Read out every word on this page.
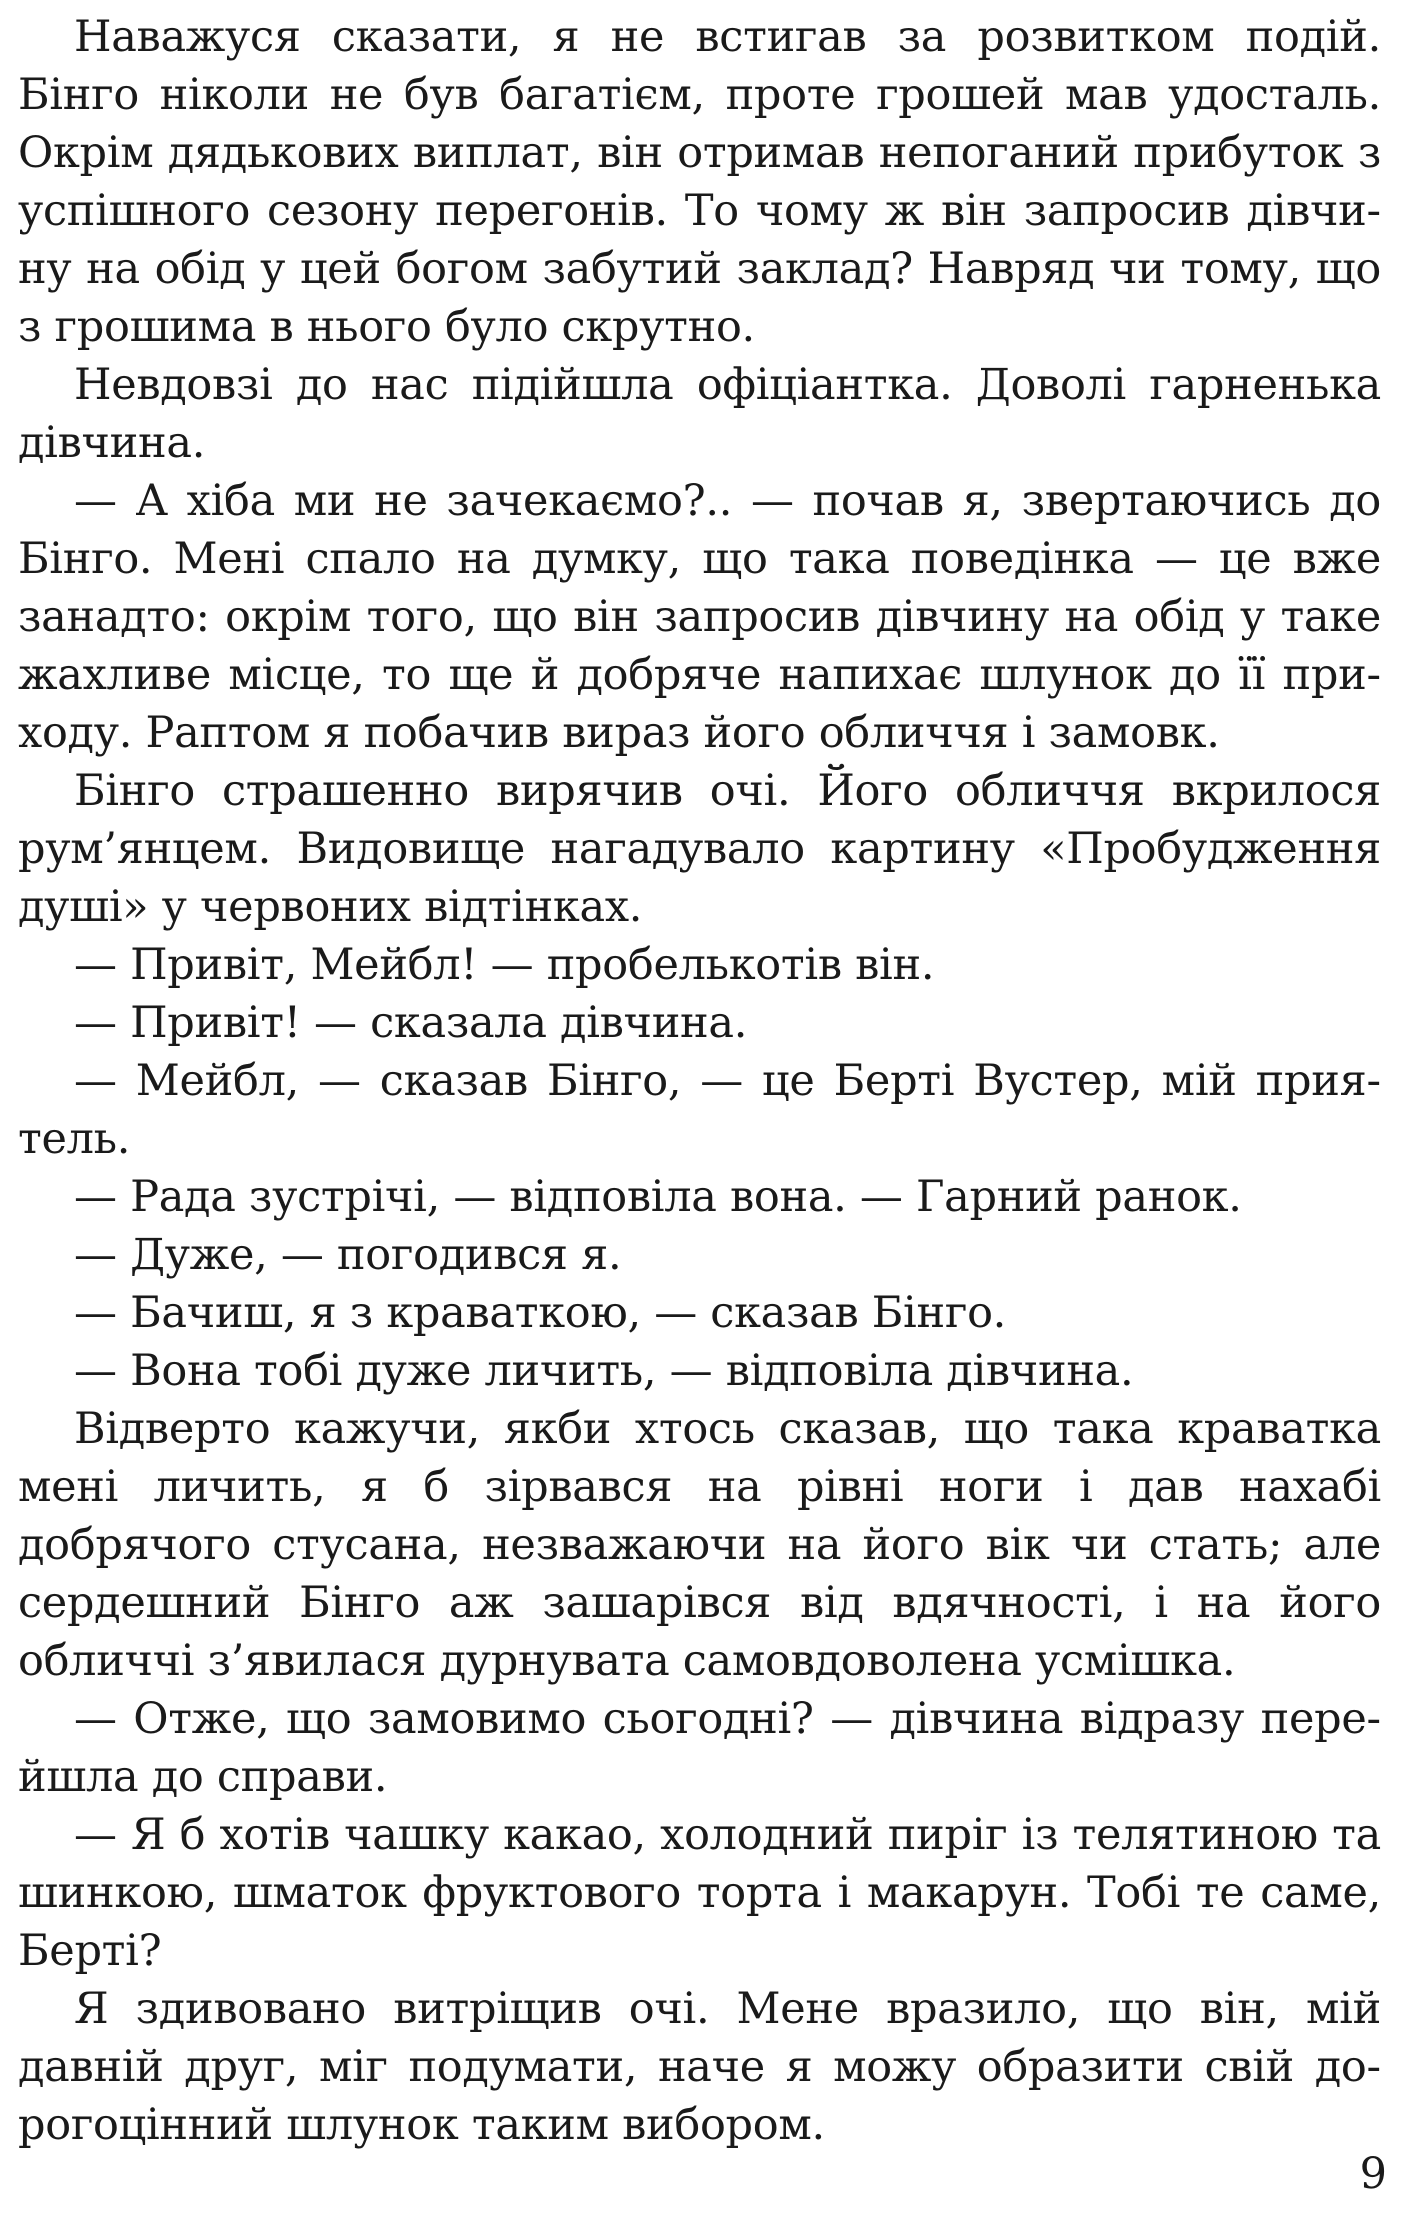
Наважуся сказати, я не встигав за розвитком подій. Бінго ніколи не був багатієм, проте грошей мав удосталь. Окрім дядькових виплат, він отримав непоганий прибуток з успішного сезону перегонів. То чому ж він запросив дівчину на обід у цей богом забутий заклад? Навряд чи тому, що з грошима в нього було скрутно.

Невдовзі до нас підійшла офіціантка. Доволі гарненька дівчина.

— А хіба ми не зачекаємо?.. — почав я, звертаючись до Бінго. Мені спало на думку, що така поведінка — це вже занадто: окрім того, що він запросив дівчину на обід у таке жахливе місце, то ще й добряче напихає шлунок до її приходу. Раптом я побачив вираз його обличчя і замовк.

Бінго страшенно вирячив очі. Його обличчя вкрилося рум’янцем. Видовище нагадувало картину «Пробудження душі» у червоних відтінках.

— Привіт, Мейбл! — пробелькотів він.

— Привіт! — сказала дівчина.

— Мейбл, — сказав Бінго, — це Берті Вустер, мій приятель.

— Рада зустрічі, — відповіла вона. — Гарний ранок.

— Дуже, — погодився я.

— Бачиш, я з краваткою, — сказав Бінго.

— Вона тобі дуже личить, — відповіла дівчина.

Відверто кажучи, якби хтось сказав, що така краватка мені личить, я б зірвався на рівні ноги і дав нахабі добрячого стусана, незважаючи на його вік чи стать; але сердешний Бінго аж зашарівся від вдячності, і на його обличчі з’явилася дурнувата самовдоволена усмішка.

— Отже, що замовимо сьогодні? — дівчина відразу перейшла до справи.

— Я б хотів чашку какао, холодний пиріг із телятиною та шинкою, шматок фруктового торта і макарун. Тобі те саме, Берті?

Я здивовано витріщив очі. Мене вразило, що він, мій давній друг, міг подумати, наче я можу образити свій дорогоцінний шлунок таким вибором.

9
